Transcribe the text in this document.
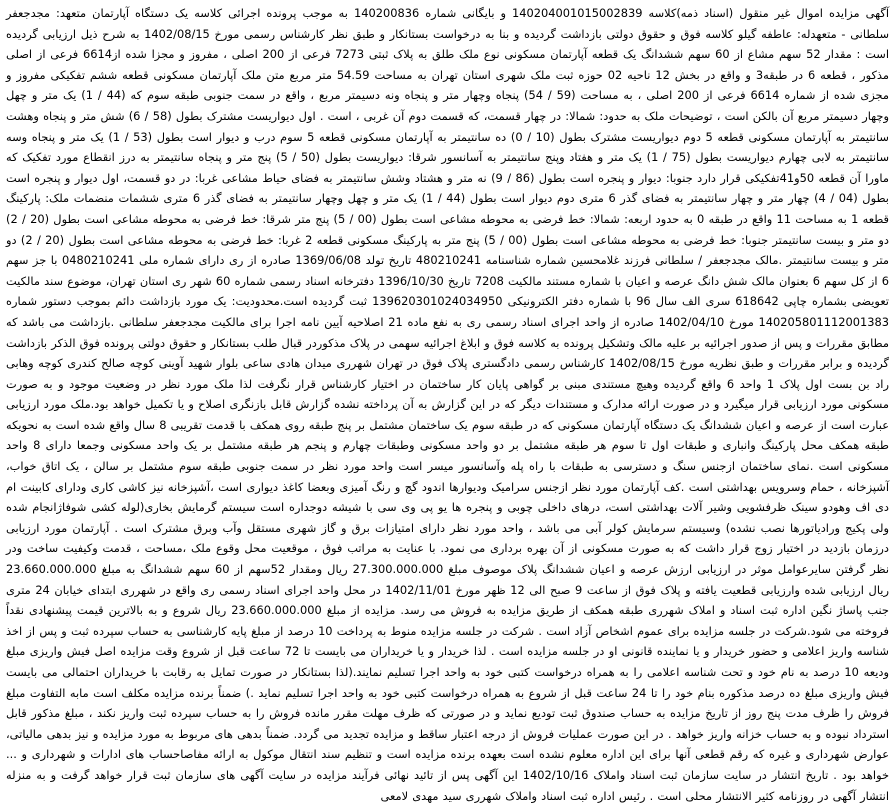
آگهی مزایده اموال غیر منقول (اسناد ذمه)کلاسه 140204001015002839 و بایگانی شماره 140200836 به موجب پرونده اجرائی کلاسه یک دستگاه آپارتمان متعهد: مجدجعفر سلطانی - متعهدله: عاطفه گیلو کلاسه فوق و حقوق دولتی بازداشت گردیده و بنا به درخواست بستانکار و طبق نظر کارشناس رسمی مورخ 1402/08/15 به شرح ذیل ارزیابی گردیده است : مقدار 52 سهم مشاع از 60 سهم ششدانگ یک قطعه آپارتمان مسکونی نوع ملک طلق به پلاک ثبتی 7273 فرعی از 200 اصلی ، مفروز و مجزا شده از6614 فرعی از اصلی مذکور ، قطعه 6 در طبقه3 و واقع در بخش 12 ناحیه 02 حوزه ثبت ملک شهری استان تهران به مساحت 54.59 متر مربع متن ملک آپارتمان مسکونی قطعه ششم تفکیکی مفروز و مجزی شده از شماره 6614 فرعی از 200 اصلی ، به مساحت (59 / 54) پنجاه وچهار متر و پنجاه ونه دسیمتر مربع ، واقع در سمت جنوبی طبقه سوم که (44 / 1) یک متر و چهل وچهار دسیمتر مربع آن بالکن است ، توضیحات ملک به حدود: شمالا: در چهار قسمت، که قسمت دوم آن غربی ، است . اول دیواریست مشترک بطول (58 / 6) شش متر و پنجاه وهشت سانتیمتر به آپارتمان مسکونی قطعه 5 دوم دیواریست مشترک بطول (10 / 0) ده سانتیمتر به آپارتمان مسکونی قطعه 5 سوم درب و دیوار است بطول (53 / 1) یک متر و پنجاه وسه سانتیمتر به لابی چهارم دیواریست بطول (75 / 1) یک متر و هفتاد وپنج سانتیمتر به آسانسور شرقا: دیواریست بطول (50 / 5) پنج متر و پنجاه سانتیمتر به درز انقطاع مورد تفکیک که ماورا آن قطعه 50و41تفکیکی قرار دارد جنوبا: دیوار و پنجره است بطول (86 / 9) نه متر و هشتاد وشش سانتیمتر به فضای حیاط مشاعی غربا: در دو قسمت، اول دیوار و پنجره است بطول (04 / 4) چهار متر و چهار سانتیمتر به فضای گذر 6 متری دوم دیوار است بطول (44 / 1) یک متر و چهل وچهار سانتیمتر به فضای گذر 6 متری ششمات منضمات ملک: پارکینگ قطعه 1 به مساحت 11 واقع در طبقه 0 به حدود اربعه: شمالا: خط فرضی به محوطه مشاعی است بطول (00 / 5) پنج متر شرقا: خط فرضی به محوطه مشاعی است بطول (20 / 2) دو متر و بیست سانتیمتر جنوبا: خط فرضی به محوطه مشاعی است بطول (00 / 5) پنج متر به پارکینگ مسکونی قطعه 2 غربا: خط فرضی به محوطه مشاعی است بطول (20 / 2) دو متر و بیست سانتیمتر .مالک مجدجعفر / سلطانی فرزند غلامحسین شماره شناسنامه 480210241 تاریخ تولد 1369/06/08 صادره از ری دارای شماره ملی 0480210241 با جز سهم 6 از کل سهم 6 بعنوان مالک شش دانگ عرصه و اعیان با شماره مستند مالکیت 7208 تاریخ 1396/10/30 دفترخانه اسناد رسمی شماره 60 شهر ری استان تهران، موضوع سند مالکیت تعویضی بشماره چاپی 618642 سری الف سال 96 با شماره دفتر الکترونیکی 139620301024034950 ثبت گردیده است.محدودیت: یک مورد بازداشت دائم بموجب دستور شماره 140205801112001383 مورخ 1402/04/10 صادره از واحد اجرای اسناد رسمی ری به نفع ماده 21 اصلاحیه آیین نامه اجرا برای مالکیت مجدجعفر سلطانی .بازداشت می باشد که مطابق مقررات و پس از صدور اجرائیه بر علیه مالک وتشکیل پرونده به کلاسه فوق و ابلاغ اجرائیه سهمی در پلاک مذکوردر قبال طلب بستانکار و حقوق دولتی پرونده فوق الذکر بازداشت گردیده و برابر مقررات و طبق نظریه مورخ 1402/08/15 کارشناس رسمی دادگستری پلاک فوق در تهران شهرری میدان هادی ساعی بلوار شهید آوینی کوچه صالح کندری کوچه وهابی راد بن بست اول پلاک 1 واحد 6 واقع گردیده وهیچ مستندی مبنی بر گواهی پایان کار ساختمان در اختیار کارشناس قرار نگرفت لذا ملک مورد نظر در وضعیت موجود و به صورت مسکونی مورد ارزیابی قرار میگیرد و در صورت ارائه مدارک و مستندات دیگر که در این گزارش به آن پرداخته نشده گزارش قابل بازنگری اصلاح و یا تکمیل خواهد بود.ملک مورد ارزیابی عبارت است از عرصه و اعیان ششدانگ یک دستگاه آپارتمان مسکونی که در طبقه سوم یک ساختمان مشتمل بر پنج طبقه روی همکف با قدمت تقریبی 8 سال واقع شده است به نحویکه طبقه همکف محل پارکینگ وانباری و طبقات اول تا سوم هر طبقه مشتمل بر دو واحد مسکونی وطبقات چهارم و پنجم هر طبقه مشتمل بر یک واحد مسکونی وجمعا دارای 8 واحد مسکونی است .نمای ساختمان ازجنس سنگ و دسترسی به طبقات با راه پله وآسانسور میسر است واحد مورد نظر در سمت جنوبی طبقه سوم مشتمل بر سالن ، یک اتاق خواب، آشپزخانه ، حمام وسرویس بهداشتی است .کف آپارتمان مورد نظر ازجنس سرامیک وديوارها اندود گچ و رنگ آمیزی وبعضا کاغذ دیواری است ،آشپزخانه نیز کاشی کاری ودارای کابینت ام دی اف وهودو سینک ظرفشویی وشیر آلات بهداشتی است، درهای داخلی چوبی و پنجره ها یو پی وی سی با شیشه دوجداره است سیستم گرمایش بخاری(لوله کشی شوفاژانجام شده ولی پکیج ورادیاتورها نصب نشده) وسیستم سرمایش کولر آبی می باشد ، واحد مورد نظر دارای امتیازات برق و گاز شهری مستقل وآب وبرق مشترک است . آپارتمان مورد ارزیابی درزمان بازدید در اختیار زوج قرار داشت که به صورت مسکونی از آن بهره برداری می نمود. با عنایت به مراتب فوق ، موقعیت محل وقوع ملک ،مساحت ، قدمت وکیفیت ساخت ودر نظر گرفتن سایرعوامل موثر در ارزیابی ارزش عرصه و اعیان ششدانگ پلاک موصوف مبلغ 27.300.000.000 ریال ومقدار 52سهم از 60 سهم ششدانگ به مبلغ 23.660.000.000 ریال ارزیابی شده وارزیابی قطعیت یافته و پلاک فوق از ساعت 9 صبح الی 12 ظهر مورخ 1402/11/01 در محل واحد اجرای اسناد رسمی ری واقع در شهرری ابتدای خیابان 24 متری جنب پاساژ نگین اداره ثبت اسناد و املاک شهرری طبقه همکف از طریق مزایده به فروش می رسد. مزایده از مبلغ 23.660.000.000 ریال شروع و به بالاترین قیمت پیشنهادی نقداً فروخته می شود.شرکت در جلسه مزایده برای عموم اشخاص آزاد است . شرکت در جلسه مزایده منوط به پرداخت 10 درصد از مبلغ پایه کارشناسی به حساب سپرده ثبت و پس از اخذ شناسه واریز اعلامی و حضور خریدار و یا نماینده قانونی او در جلسه مزایده است . لذا خریدار و یا خریداران می بایست تا 72 ساعت قبل از شروع وقت مزایده اصل فیش واریزی مبلغ ودیعه 10 درصد به نام خود و تحت شناسه اعلامی را به همراه درخواست کتبی خود به واحد اجرا تسلیم نمایند.(لذا بستانکار در صورت تمایل به رقابت با خریداران احتمالی می بایست فیش واریزی مبلغ ده درصد مذکوره بنام خود را تا 24 ساعت قبل از شروع به همراه درخواست کتبی خود به واحد اجرا تسلیم نماید .) ضمناً برنده مزایده مکلف است مابه التفاوت مبلغ فروش را ظرف مدت پنج روز از تاریخ مزایده به حساب صندوق ثبت توديع نمايد و در صورتی که ظرف مهلت مقرر مانده فروش را به حساب سپرده ثبت واریز نکند ، مبلغ مذکور قابل استرداد نبوده و به حساب خزانه واریز خواهد . در این صورت عملیات فروش از درجه اعتبار ساقط و مزایده تجدید می گردد. ضمناً بدهی های مربوط به مورد مزایده و نیز بدهی مالیاتی، عوارض شهرداری و غیره که رقم قطعی آنها برای این اداره معلوم نشده است بعهده برنده مزایده است و تنظیم سند انتقال موکول به ارائه مفاصاحساب های ادارات و شهرداری و ... خواهد بود . تاریخ انتشار در سایت سازمان ثبت اسناد واملاک 1402/10/16 این آگهی پس از تائید نهائی فرآیند مزایده در سایت آگهی های سازمان ثبت قرار خواهد گرفت و به منزله انتشار آگهی در روزنامه کثیر الانتشار محلی است . رئیس اداره ثبت اسناد واملاک شهرری سید مهدی لامعی
